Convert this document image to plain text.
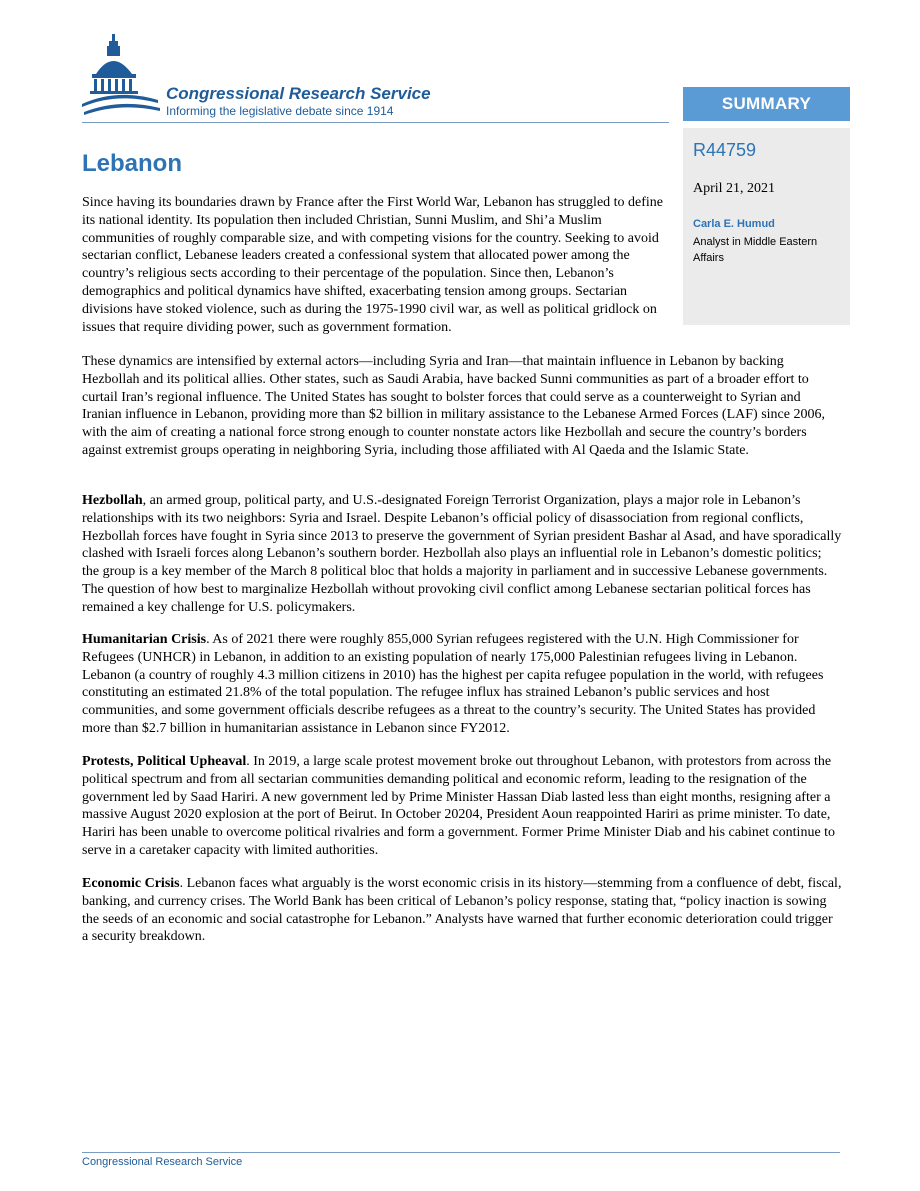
Congressional Research Service

Informing the legislative debate since 1914	SUMMARY

R44759

April 21, 2021

Carla E. Humud

Analyst in Middle Eastern Affairs

Lebanon

Since having its boundaries drawn by France after the First World War, Lebanon has struggled to define its national identity. Its population then included Christian, Sunni Muslim, and Shi’a Muslim communities of roughly comparable size, and with competing visions for the country. Seeking to avoid sectarian conflict, Lebanese leaders created a confessional system that allocated power among the country’s religious sects according to their percentage of the population. Since then, Lebanon’s demographics and political dynamics have shifted, exacerbating tension among groups. Sectarian divisions have stoked violence, such as during the 1975-1990 civil war, as well as political gridlock on issues that require dividing power, such as government formation.

These dynamics are intensified by external actors—including Syria and Iran—that maintain influence in Lebanon by backing Hezbollah and its political allies. Other states, such as Saudi Arabia, have backed Sunni communities as part of a broader effort to curtail Iran’s regional influence. The United States has sought to bolster forces that could serve as a counterweight to Syrian and Iranian influence in Lebanon, providing more than $2 billion in military assistance to the Lebanese Armed Forces (LAF) since 2006, with the aim of creating a national force strong enough to counter nonstate actors like Hezbollah and secure the country’s borders against extremist groups operating in neighboring Syria, including those affiliated with Al Qaeda and the Islamic State.

Hezbollah, an armed group, political party, and U.S.-designated Foreign Terrorist Organization, plays a major role in Lebanon’s relationships with its two neighbors: Syria and Israel. Despite Lebanon’s official policy of disassociation from regional conflicts, Hezbollah forces have fought in Syria since 2013 to preserve the government of Syrian president Bashar al Asad, and have sporadically clashed with Israeli forces along Lebanon’s southern border. Hezbollah also plays an influential role in Lebanon’s domestic politics; the group is a key member of the March 8 political bloc that holds a majority in parliament and in successive Lebanese governments. The question of how best to marginalize Hezbollah without provoking civil conflict among Lebanese sectarian political forces has remained a key challenge for U.S. policymakers.

Humanitarian Crisis. As of 2021 there were roughly 855,000 Syrian refugees registered with the U.N. High Commissioner for Refugees (UNHCR) in Lebanon, in addition to an existing population of nearly 175,000 Palestinian refugees living in Lebanon. Lebanon (a country of roughly 4.3 million citizens in 2010) has the highest per capita refugee population in the world, with refugees constituting an estimated 21.8% of the total population. The refugee influx has strained Lebanon’s public services and host communities, and some government officials describe refugees as a threat to the country’s security. The United States has provided more than $2.7 billion in humanitarian assistance in Lebanon since FY2012.

Protests, Political Upheaval. In 2019, a large scale protest movement broke out throughout Lebanon, with protestors from across the political spectrum and from all sectarian communities demanding political and economic reform, leading to the resignation of the government led by Saad Hariri. A new government led by Prime Minister Hassan Diab lasted less than eight months, resigning after a massive August 2020 explosion at the port of Beirut. In October 20204, President Aoun reappointed Hariri as prime minister. To date, Hariri has been unable to overcome political rivalries and form a government. Former Prime Minister Diab and his cabinet continue to serve in a caretaker capacity with limited authorities.

Economic Crisis. Lebanon faces what arguably is the worst economic crisis in its history—stemming from a confluence of debt, fiscal, banking, and currency crises. The World Bank has been critical of Lebanon’s policy response, stating that, “policy inaction is sowing the seeds of an economic and social catastrophe for Lebanon.” Analysts have warned that further economic deterioration could trigger a security breakdown.

Congressional Research Service
